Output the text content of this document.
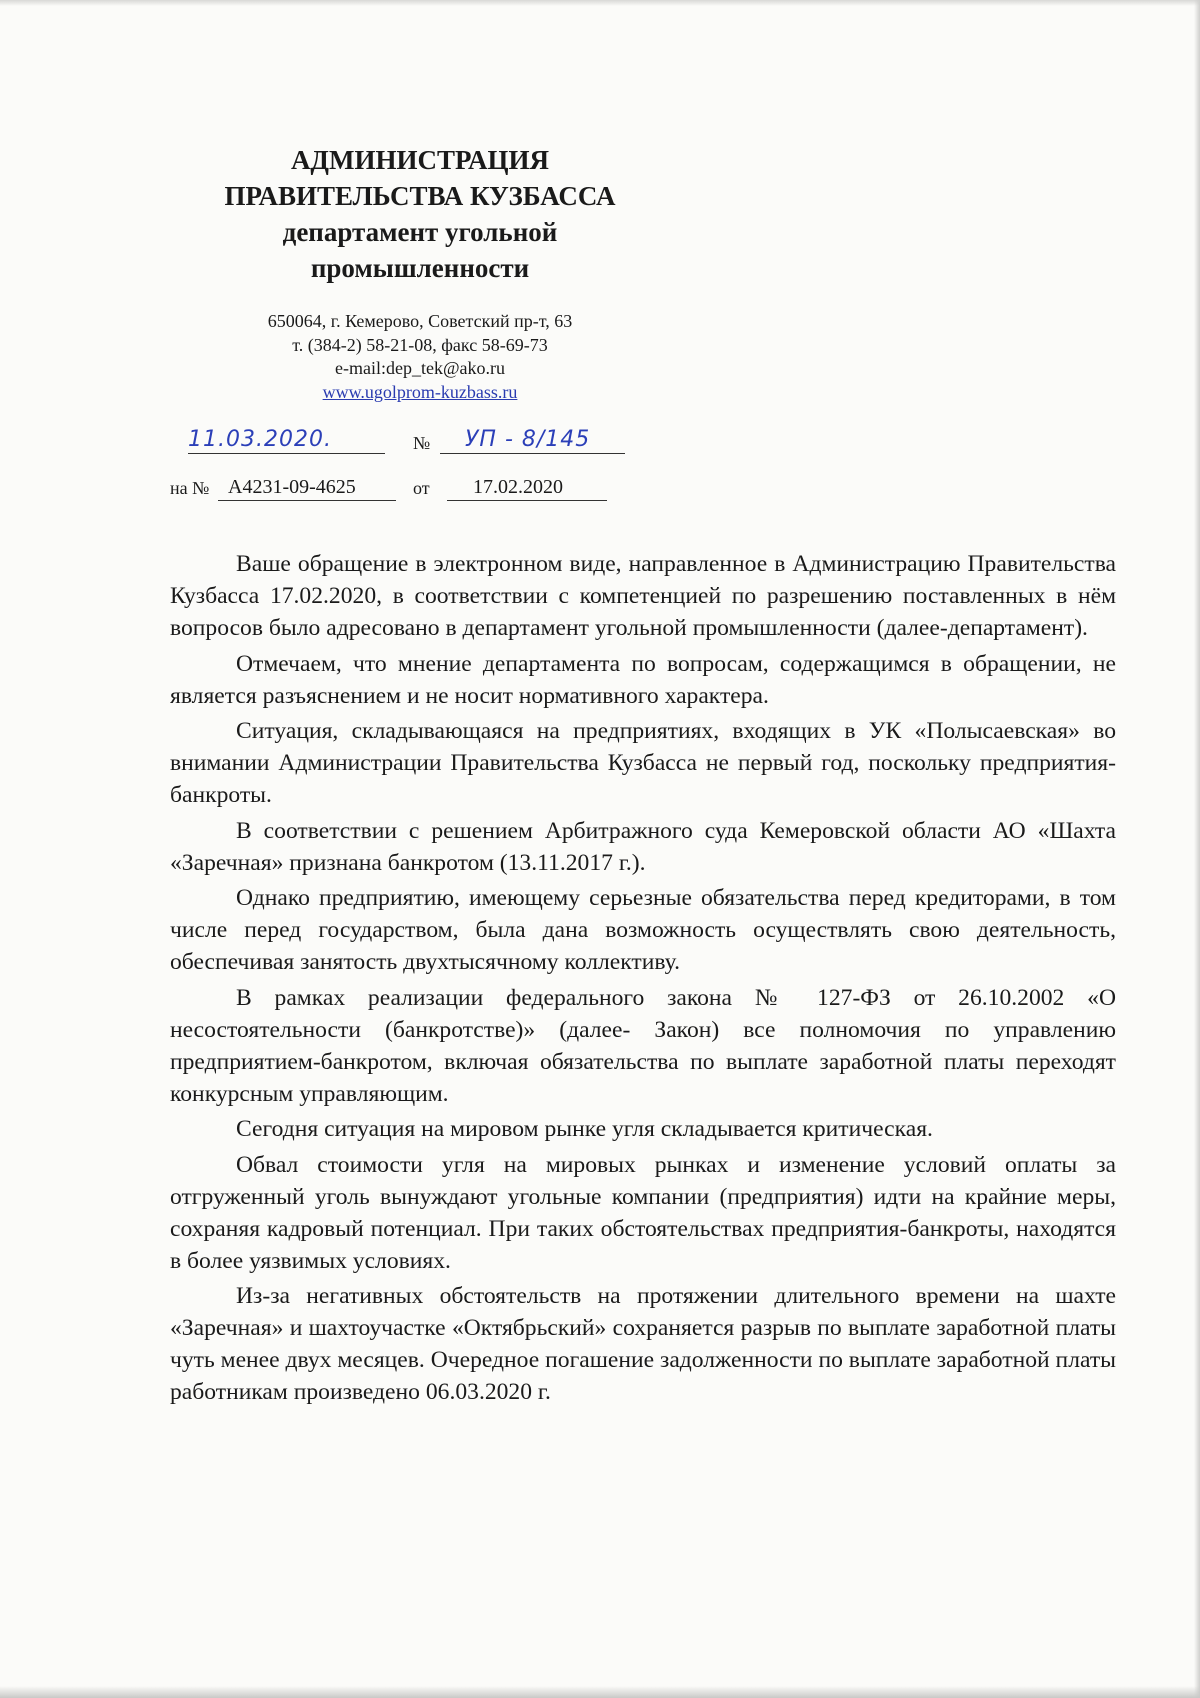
АДМИНИСТРАЦИЯ
ПРАВИТЕЛЬСТВА КУЗБАССА
департамент угольной
промышленности
650064, г. Кемерово, Советский пр-т, 63
т. (384-2) 58-21-08, факс 58-69-73
e-mail:dep_tek@ako.ru
www.ugolprom-kuzbass.ru
11.03.2020.	№ УП - 8/145
на № А4231-09-4625	от 17.02.2020

Ваше обращение в электронном виде, направленное в Администрацию Правительства Кузбасса 17.02.2020, в соответствии с компетенцией по разрешению поставленных в нём вопросов было адресовано в департамент угольной промышленности (далее-департамент).

Отмечаем, что мнение департамента по вопросам, содержащимся в обращении, не является разъяснением и не носит нормативного характера.

Ситуация, складывающаяся на предприятиях, входящих в УК «Полысаевская» во внимании Администрации Правительства Кузбасса не первый год, поскольку предприятия-банкроты.

В соответствии с решением Арбитражного суда Кемеровской области АО «Шахта «Заречная» признана банкротом (13.11.2017 г.).

Однако предприятию, имеющему серьезные обязательства перед кредиторами, в том числе перед государством, была дана возможность осуществлять свою деятельность, обеспечивая занятость двухтысячному коллективу.

В рамках реализации федерального закона № 127-ФЗ от 26.10.2002 «О несостоятельности (банкротстве)» (далее- Закон) все полномочия по управлению предприятием-банкротом, включая обязательства по выплате заработной платы переходят конкурсным управляющим.

Сегодня ситуация на мировом рынке угля складывается критическая.

Обвал стоимости угля на мировых рынках и изменение условий оплаты за отгруженный уголь вынуждают угольные компании (предприятия) идти на крайние меры, сохраняя кадровый потенциал. При таких обстоятельствах предприятия-банкроты, находятся в более уязвимых условиях.

Из-за негативных обстоятельств на протяжении длительного времени на шахте «Заречная» и шахтоучастке «Октябрьский» сохраняется разрыв по выплате заработной платы чуть менее двух месяцев. Очередное погашение задолженности по выплате заработной платы работникам произведено 06.03.2020 г.
